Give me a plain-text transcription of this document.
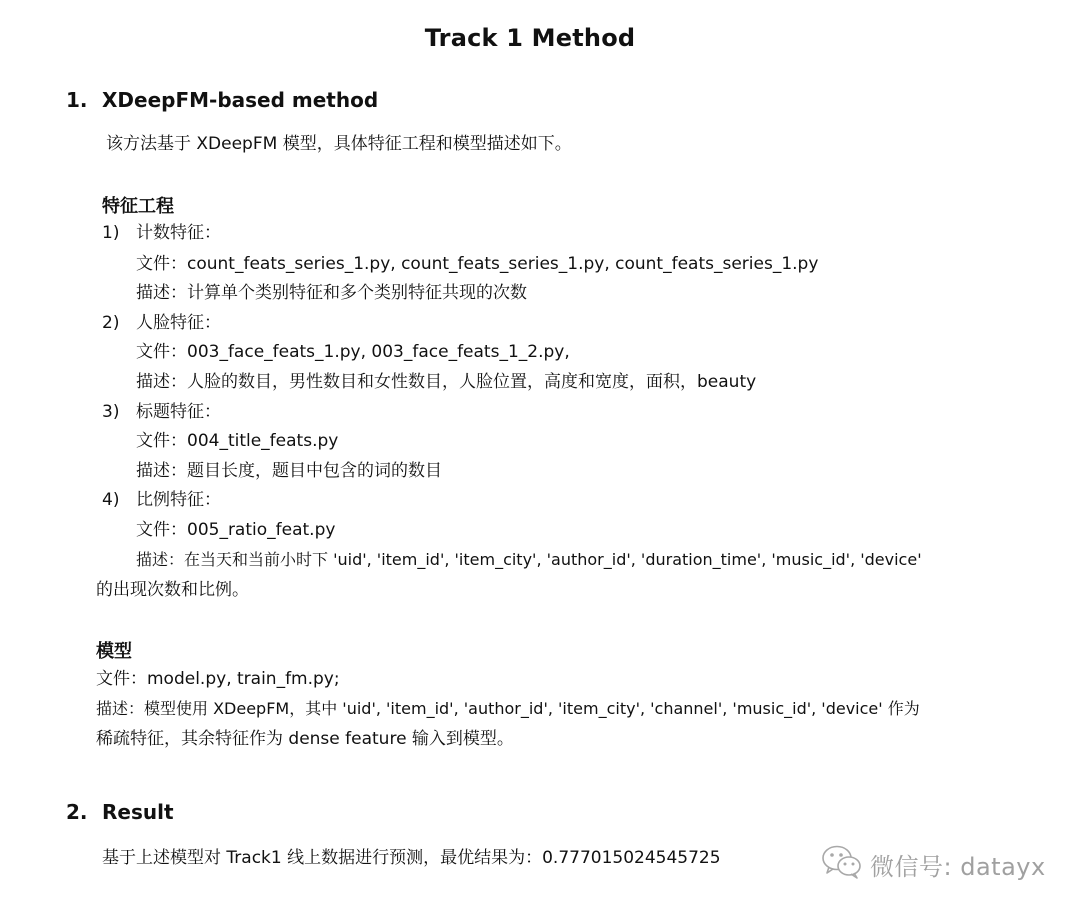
Track 1 Method
1. XDeepFM-based method
该方法基于 XDeepFM 模型，具体特征工程和模型描述如下。
特征工程
1) 计数特征：
文件：count_feats_series_1.py, count_feats_series_1.py, count_feats_series_1.py
描述：计算单个类别特征和多个类别特征共现的次数
2) 人脸特征：
文件：003_face_feats_1.py, 003_face_feats_1_2.py,
描述：人脸的数目，男性数目和女性数目，人脸位置，高度和宽度，面积，beauty
3) 标题特征：
文件：004_title_feats.py
描述：题目长度，题目中包含的词的数目
4) 比例特征：
文件：005_ratio_feat.py
描述：在当天和当前小时下 'uid', 'item_id', 'item_city', 'author_id', 'duration_time', 'music_id', 'device'
的出现次数和比例。
模型
文件：model.py, train_fm.py;
描述：模型使用 XDeepFM，其中 'uid', 'item_id', 'author_id', 'item_city', 'channel', 'music_id', 'device' 作为
稀疏特征，其余特征作为 dense feature 输入到模型。
2. Result
基于上述模型对 Track1 线上数据进行预测，最优结果为：0.777015024545725	微信号: datayx
